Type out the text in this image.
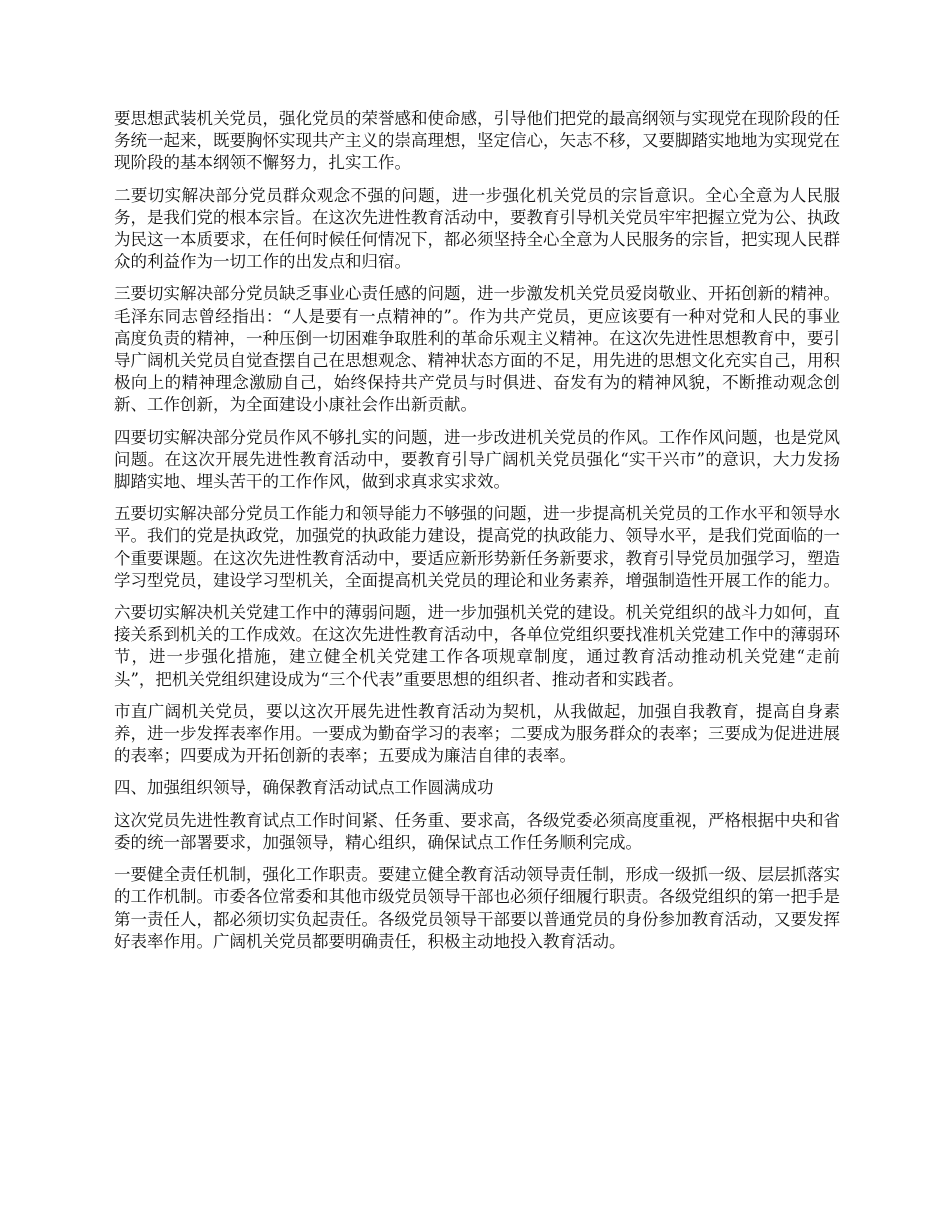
要思想武装机关党员，强化党员的荣誉感和使命感，引导他们把党的最高纲领与实现党在现阶段的任务统一起来，既要胸怀实现共产主义的崇高理想，坚定信心，矢志不移，又要脚踏实地地为实现党在现阶段的基本纲领不懈努力，扎实工作。

二要切实解决部分党员群众观念不强的问题，进一步强化机关党员的宗旨意识。全心全意为人民服务，是我们党的根本宗旨。在这次先进性教育活动中，要教育引导机关党员牢牢把握立党为公、执政为民这一本质要求，在任何时候任何情况下，都必须坚持全心全意为人民服务的宗旨，把实现人民群众的利益作为一切工作的出发点和归宿。

三要切实解决部分党员缺乏事业心责任感的问题，进一步激发机关党员爱岗敬业、开拓创新的精神。毛泽东同志曾经指出：“人是要有一点精神的”。作为共产党员，更应该要有一种对党和人民的事业高度负责的精神，一种压倒一切困难争取胜利的革命乐观主义精神。在这次先进性思想教育中，要引导广阔机关党员自觉查摆自己在思想观念、精神状态方面的不足，用先进的思想文化充实自己，用积极向上的精神理念激励自己，始终保持共产党员与时俱进、奋发有为的精神风貌，不断推动观念创新、工作创新，为全面建设小康社会作出新贡献。

四要切实解决部分党员作风不够扎实的问题，进一步改进机关党员的作风。工作作风问题，也是党风问题。在这次开展先进性教育活动中，要教育引导广阔机关党员强化“实干兴市”的意识，大力发扬脚踏实地、埋头苦干的工作作风，做到求真求实求效。

五要切实解决部分党员工作能力和领导能力不够强的问题，进一步提高机关党员的工作水平和领导水平。我们的党是执政党，加强党的执政能力建设，提高党的执政能力、领导水平，是我们党面临的一个重要课题。在这次先进性教育活动中，要适应新形势新任务新要求，教育引导党员加强学习，塑造学习型党员，建设学习型机关，全面提高机关党员的理论和业务素养，增强制造性开展工作的能力。

六要切实解决机关党建工作中的薄弱问题，进一步加强机关党的建设。机关党组织的战斗力如何，直接关系到机关的工作成效。在这次先进性教育活动中，各单位党组织要找准机关党建工作中的薄弱环节，进一步强化措施，建立健全机关党建工作各项规章制度，通过教育活动推动机关党建“走前头”，把机关党组织建设成为“三个代表”重要思想的组织者、推动者和实践者。

市直广阔机关党员，要以这次开展先进性教育活动为契机，从我做起，加强自我教育，提高自身素养，进一步发挥表率作用。一要成为勤奋学习的表率；二要成为服务群众的表率；三要成为促进进展的表率；四要成为开拓创新的表率；五要成为廉洁自律的表率。

四、加强组织领导，确保教育活动试点工作圆满成功

这次党员先进性教育试点工作时间紧、任务重、要求高，各级党委必须高度重视，严格根据中央和省委的统一部署要求，加强领导，精心组织，确保试点工作任务顺利完成。

一要健全责任机制，强化工作职责。要建立健全教育活动领导责任制，形成一级抓一级、层层抓落实的工作机制。市委各位常委和其他市级党员领导干部也必须仔细履行职责。各级党组织的第一把手是第一责任人，都必须切实负起责任。各级党员领导干部要以普通党员的身份参加教育活动，又要发挥好表率作用。广阔机关党员都要明确责任，积极主动地投入教育活动。
